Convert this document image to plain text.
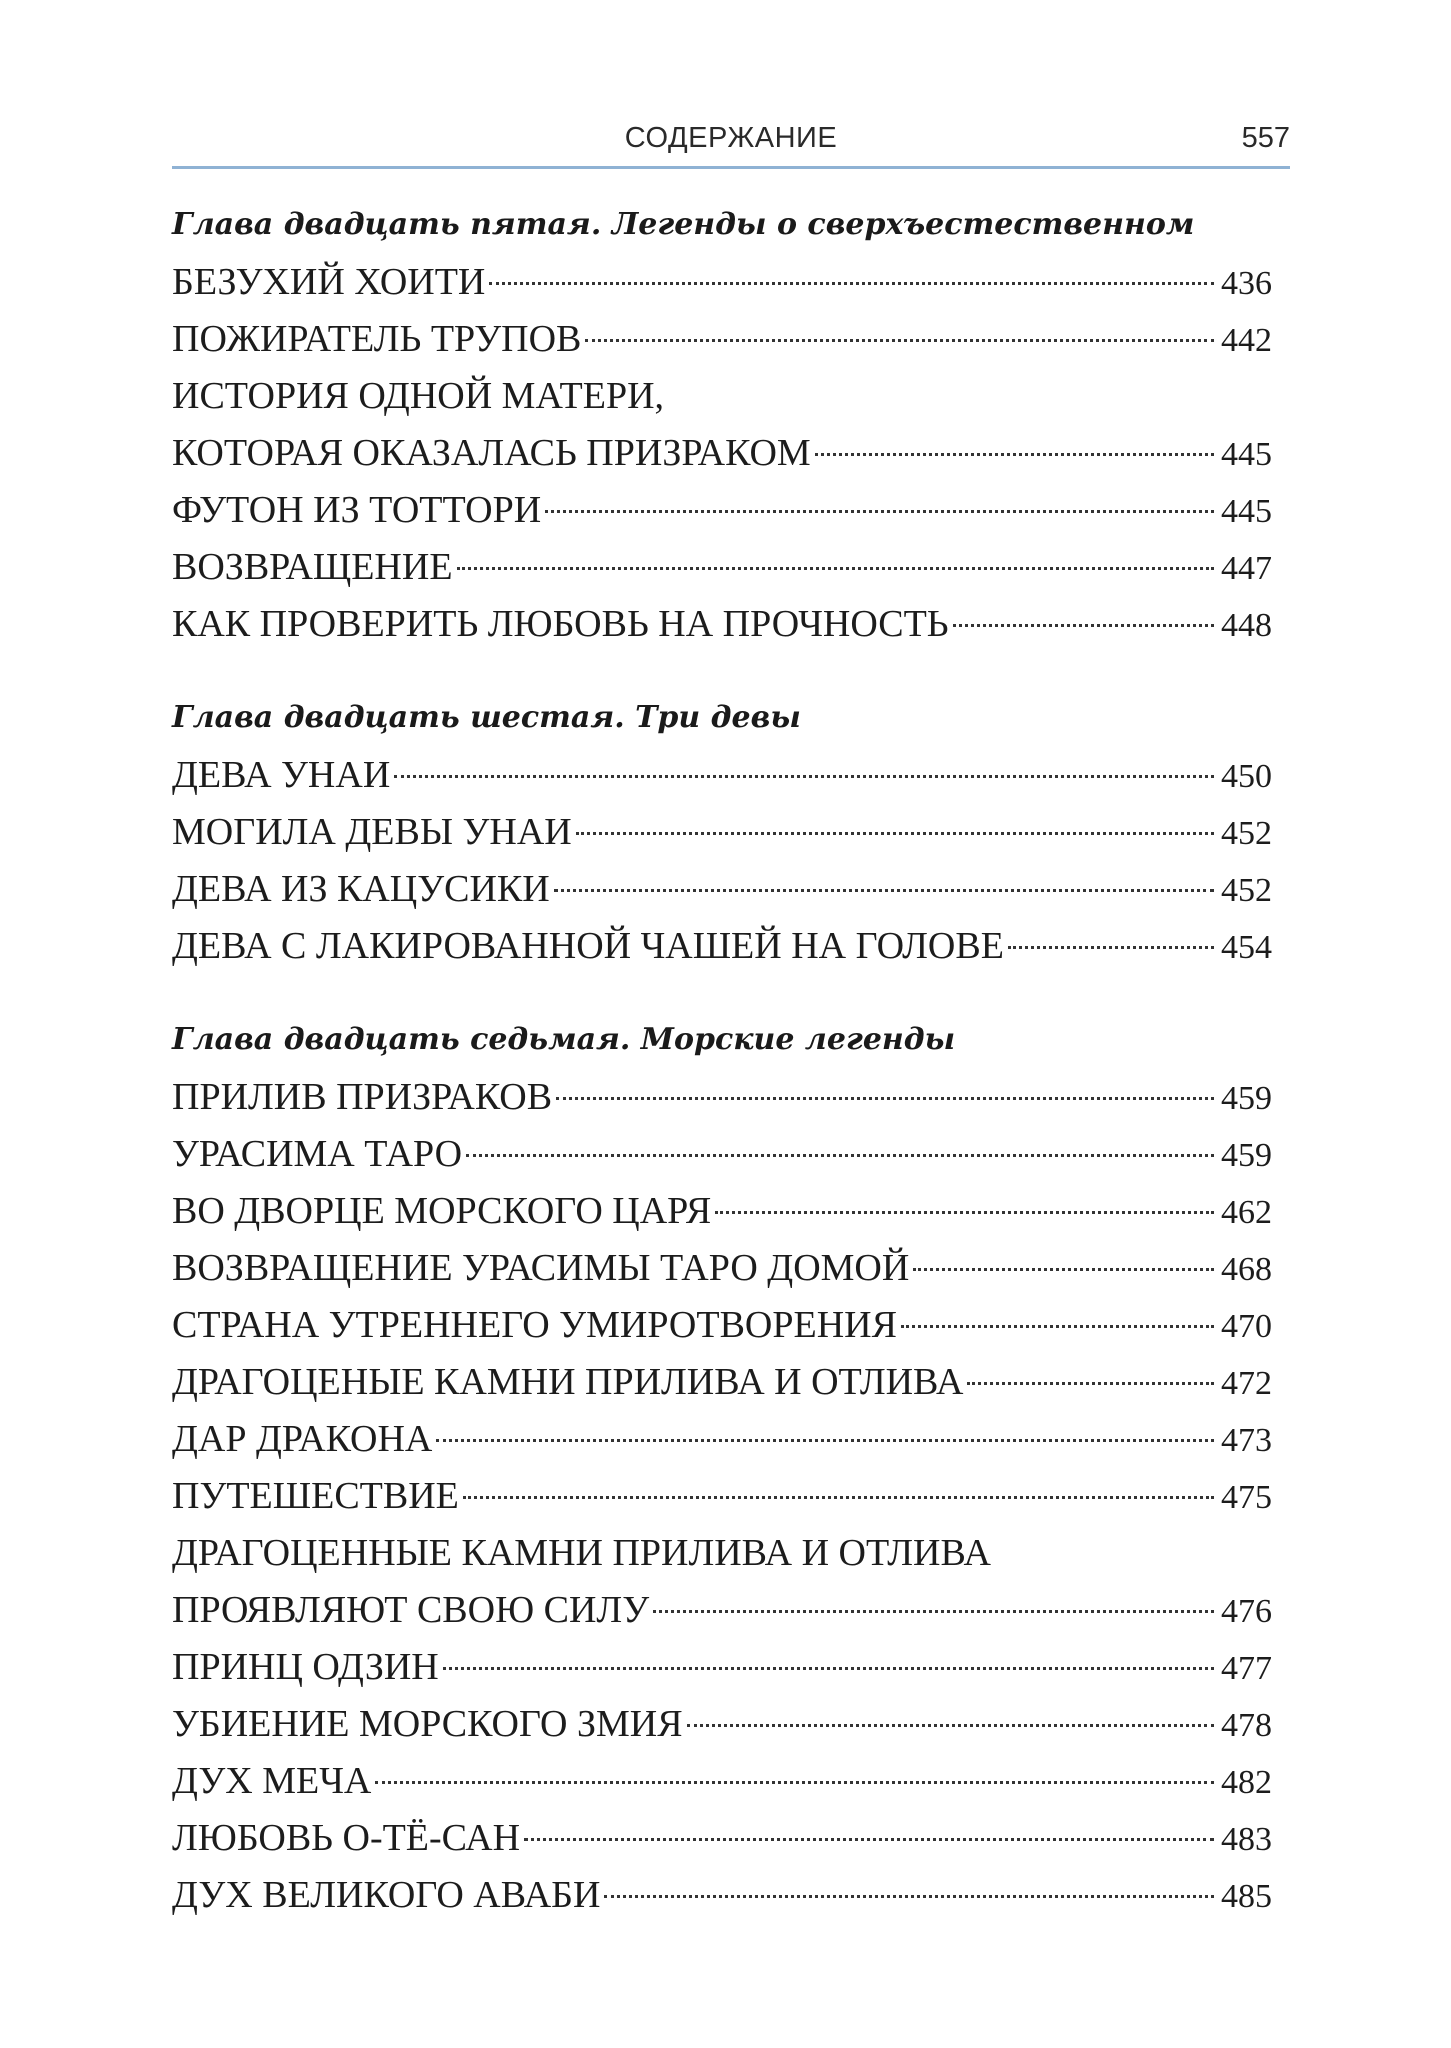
СОДЕРЖАНИЕ	557
Глава двадцать пятая. Легенды о сверхъестественном
БЕЗУХИЙ ХОИТИ	436
ПОЖИРАТЕЛЬ ТРУПОВ	442
ИСТОРИЯ ОДНОЙ МАТЕРИ,
КОТОРАЯ ОКАЗАЛАСЬ ПРИЗРАКОМ	445
ФУТОН ИЗ ТОТТОРИ	445
ВОЗВРАЩЕНИЕ	447
КАК ПРОВЕРИТЬ ЛЮБОВЬ НА ПРОЧНОСТЬ	448
Глава двадцать шестая. Три девы
ДЕВА УНАИ	450
МОГИЛА ДЕВЫ УНАИ	452
ДЕВА ИЗ КАЦУСИКИ	452
ДЕВА С ЛАКИРОВАННОЙ ЧАШЕЙ НА ГОЛОВЕ	454
Глава двадцать седьмая. Морские легенды
ПРИЛИВ ПРИЗРАКОВ	459
УРАСИМА ТАРО	459
ВО ДВОРЦЕ МОРСКОГО ЦАРЯ	462
ВОЗВРАЩЕНИЕ УРАСИМЫ ТАРО ДОМОЙ	468
СТРАНА УТРЕННЕГО УМИРОТВОРЕНИЯ	470
ДРАГОЦЕНЫЕ КАМНИ ПРИЛИВА И ОТЛИВА	472
ДАР ДРАКОНА	473
ПУТЕШЕСТВИЕ	475
ДРАГОЦЕННЫЕ КАМНИ ПРИЛИВА И ОТЛИВА
ПРОЯВЛЯЮТ СВОЮ СИЛУ	476
ПРИНЦ ОДЗИН	477
УБИЕНИЕ МОРСКОГО ЗМИЯ	478
ДУХ МЕЧА	482
ЛЮБОВЬ О-ТЁ-САН	483
ДУХ ВЕЛИКОГО АВАБИ	485
